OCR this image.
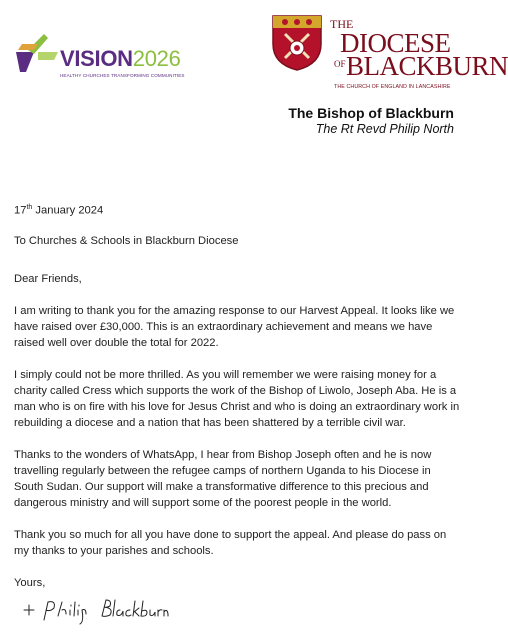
VISION2026
HEALTHY CHURCHES TRANSFORMING COMMUNITIES
THE
DIOCESE
OF BLACKBURN
THE CHURCH OF ENGLAND IN LANCASHIRE
The Bishop of Blackburn
The Rt Revd Philip North

17th January 2024

To Churches & Schools in Blackburn Diocese

Dear Friends,

I am writing to thank you for the amazing response to our Harvest Appeal. It looks like we have raised over £30,000. This is an extraordinary achievement and means we have raised well over double the total for 2022.

I simply could not be more thrilled. As you will remember we were raising money for a charity called Cress which supports the work of the Bishop of Liwolo, Joseph Aba. He is a man who is on fire with his love for Jesus Christ and who is doing an extraordinary work in rebuilding a diocese and a nation that has been shattered by a terrible civil war.

Thanks to the wonders of WhatsApp, I hear from Bishop Joseph often and he is now travelling regularly between the refugee camps of northern Uganda to his Diocese in South Sudan. Our support will make a transformative difference to this precious and dangerous ministry and will support some of the poorest people in the world.

Thank you so much for all you have done to support the appeal. And please do pass on my thanks to your parishes and schools.

Yours,
